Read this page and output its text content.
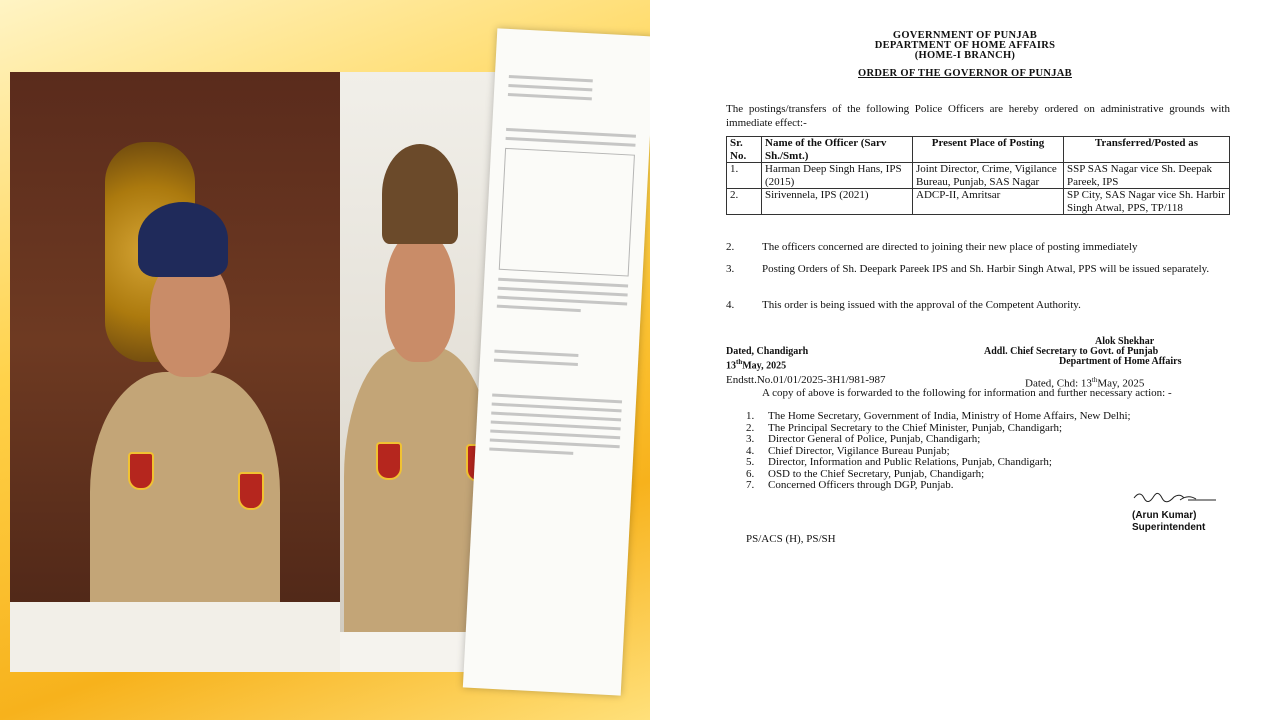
GOVERNMENT OF PUNJAB
DEPARTMENT OF HOME AFFAIRS
(HOME-I BRANCH)
ORDER OF THE GOVERNOR OF PUNJAB
The postings/transfers of the following Police Officers are hereby ordered on administrative grounds with immediate effect:-
Sr. No.	Name of the Officer (Sarv Sh./Smt.)	Present Place of Posting	Transferred/Posted as
1.	Harman Deep Singh Hans, IPS (2015)	Joint Director, Crime, Vigilance Bureau, Punjab, SAS Nagar	SSP SAS Nagar vice Sh. Deepak Pareek, IPS
2.	Sirivennela, IPS (2021)	ADCP-II, Amritsar	SP City, SAS Nagar vice Sh. Harbir Singh Atwal, PPS, TP/118
2.	The officers concerned are directed to joining their new place of posting immediately
3.	Posting Orders of Sh. Deepark Pareek IPS and Sh. Harbir Singh Atwal, PPS will be issued separately.
4.	This order is being issued with the approval of the Competent Authority.
Alok Shekhar
Addl. Chief Secretary to Govt. of Punjab
Department of Home Affairs
Dated, Chandigarh
13thMay, 2025
Endstt.No.01/01/2025-3H1/981-987	Dated, Chd: 13thMay, 2025
A copy of above is forwarded to the following for information and further necessary action: -
1.	The Home Secretary, Government of India, Ministry of Home Affairs, New Delhi;
2.	The Principal Secretary to the Chief Minister, Punjab, Chandigarh;
3.	Director General of Police, Punjab, Chandigarh;
4.	Chief Director, Vigilance Bureau Punjab;
5.	Director, Information and Public Relations, Punjab, Chandigarh;
6.	OSD to the Chief Secretary, Punjab, Chandigarh;
7.	Concerned Officers through DGP, Punjab.
(Arun Kumar)
Superintendent
PS/ACS (H), PS/SH
